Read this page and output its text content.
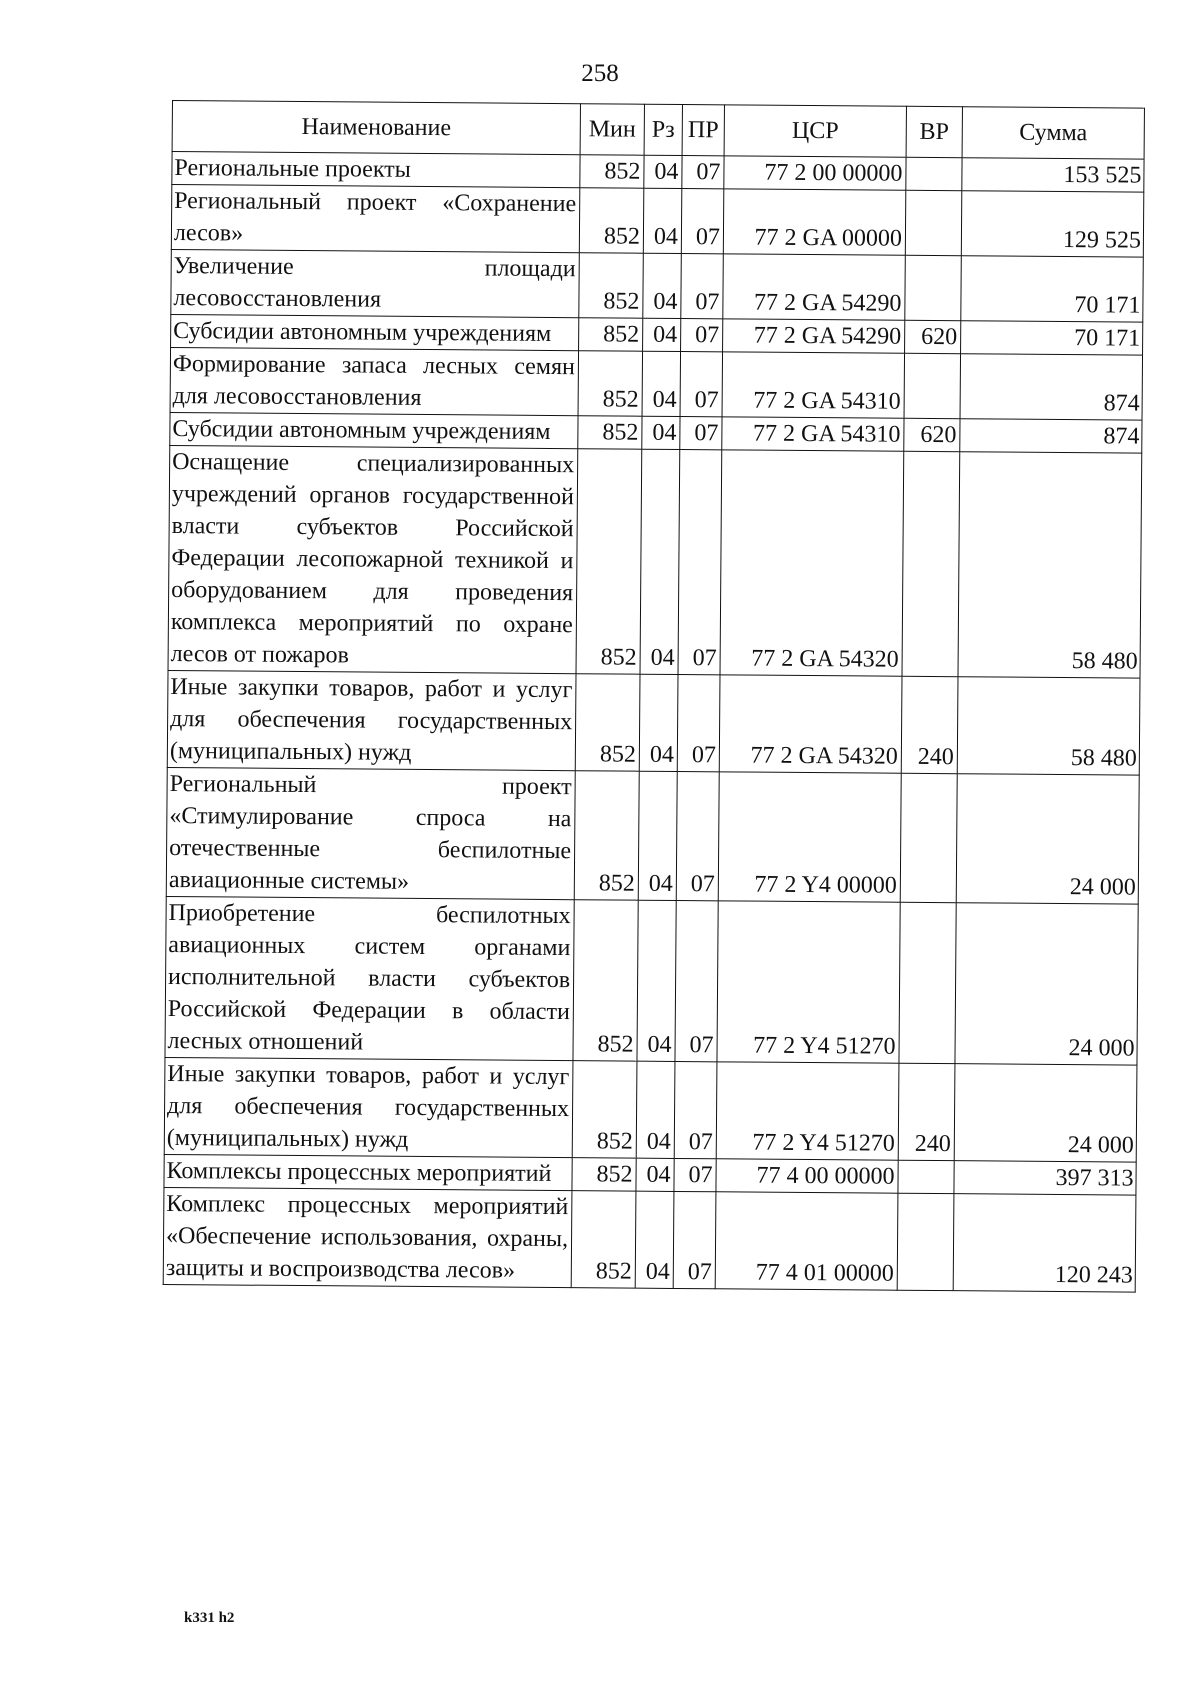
258
Наименование	Мин	Рз	ПР	ЦСР	ВР	Сумма
Региональные проекты	852	04	07	77 2 00 00000		153 525
Региональный проект «Сохранение лесов»	852	04	07	77 2 GA 00000		129 525
Увеличение площади лесовосстановления	852	04	07	77 2 GA 54290		70 171
Субсидии автономным учреждениям	852	04	07	77 2 GA 54290	620	70 171
Формирование запаса лесных семян для лесовосстановления	852	04	07	77 2 GA 54310		874
Субсидии автономным учреждениям	852	04	07	77 2 GA 54310	620	874
Оснащение специализированных учреждений органов государственной власти субъектов Российской Федерации лесопожарной техникой и оборудованием для проведения комплекса мероприятий по охране лесов от пожаров	852	04	07	77 2 GA 54320		58 480
Иные закупки товаров, работ и услуг для обеспечения государственных (муниципальных) нужд	852	04	07	77 2 GA 54320	240	58 480
Региональный проект «Стимулирование спроса на отечественные беспилотные авиационные системы»	852	04	07	77 2 Y4 00000		24 000
Приобретение беспилотных авиационных систем органами исполнительной власти субъектов Российской Федерации в области лесных отношений	852	04	07	77 2 Y4 51270		24 000
Иные закупки товаров, работ и услуг для обеспечения государственных (муниципальных) нужд	852	04	07	77 2 Y4 51270	240	24 000
Комплексы процессных мероприятий	852	04	07	77 4 00 00000		397 313
Комплекс процессных мероприятий «Обеспечение использования, охраны, защиты и воспроизводства лесов»	852	04	07	77 4 01 00000		120 243
k331 h2
